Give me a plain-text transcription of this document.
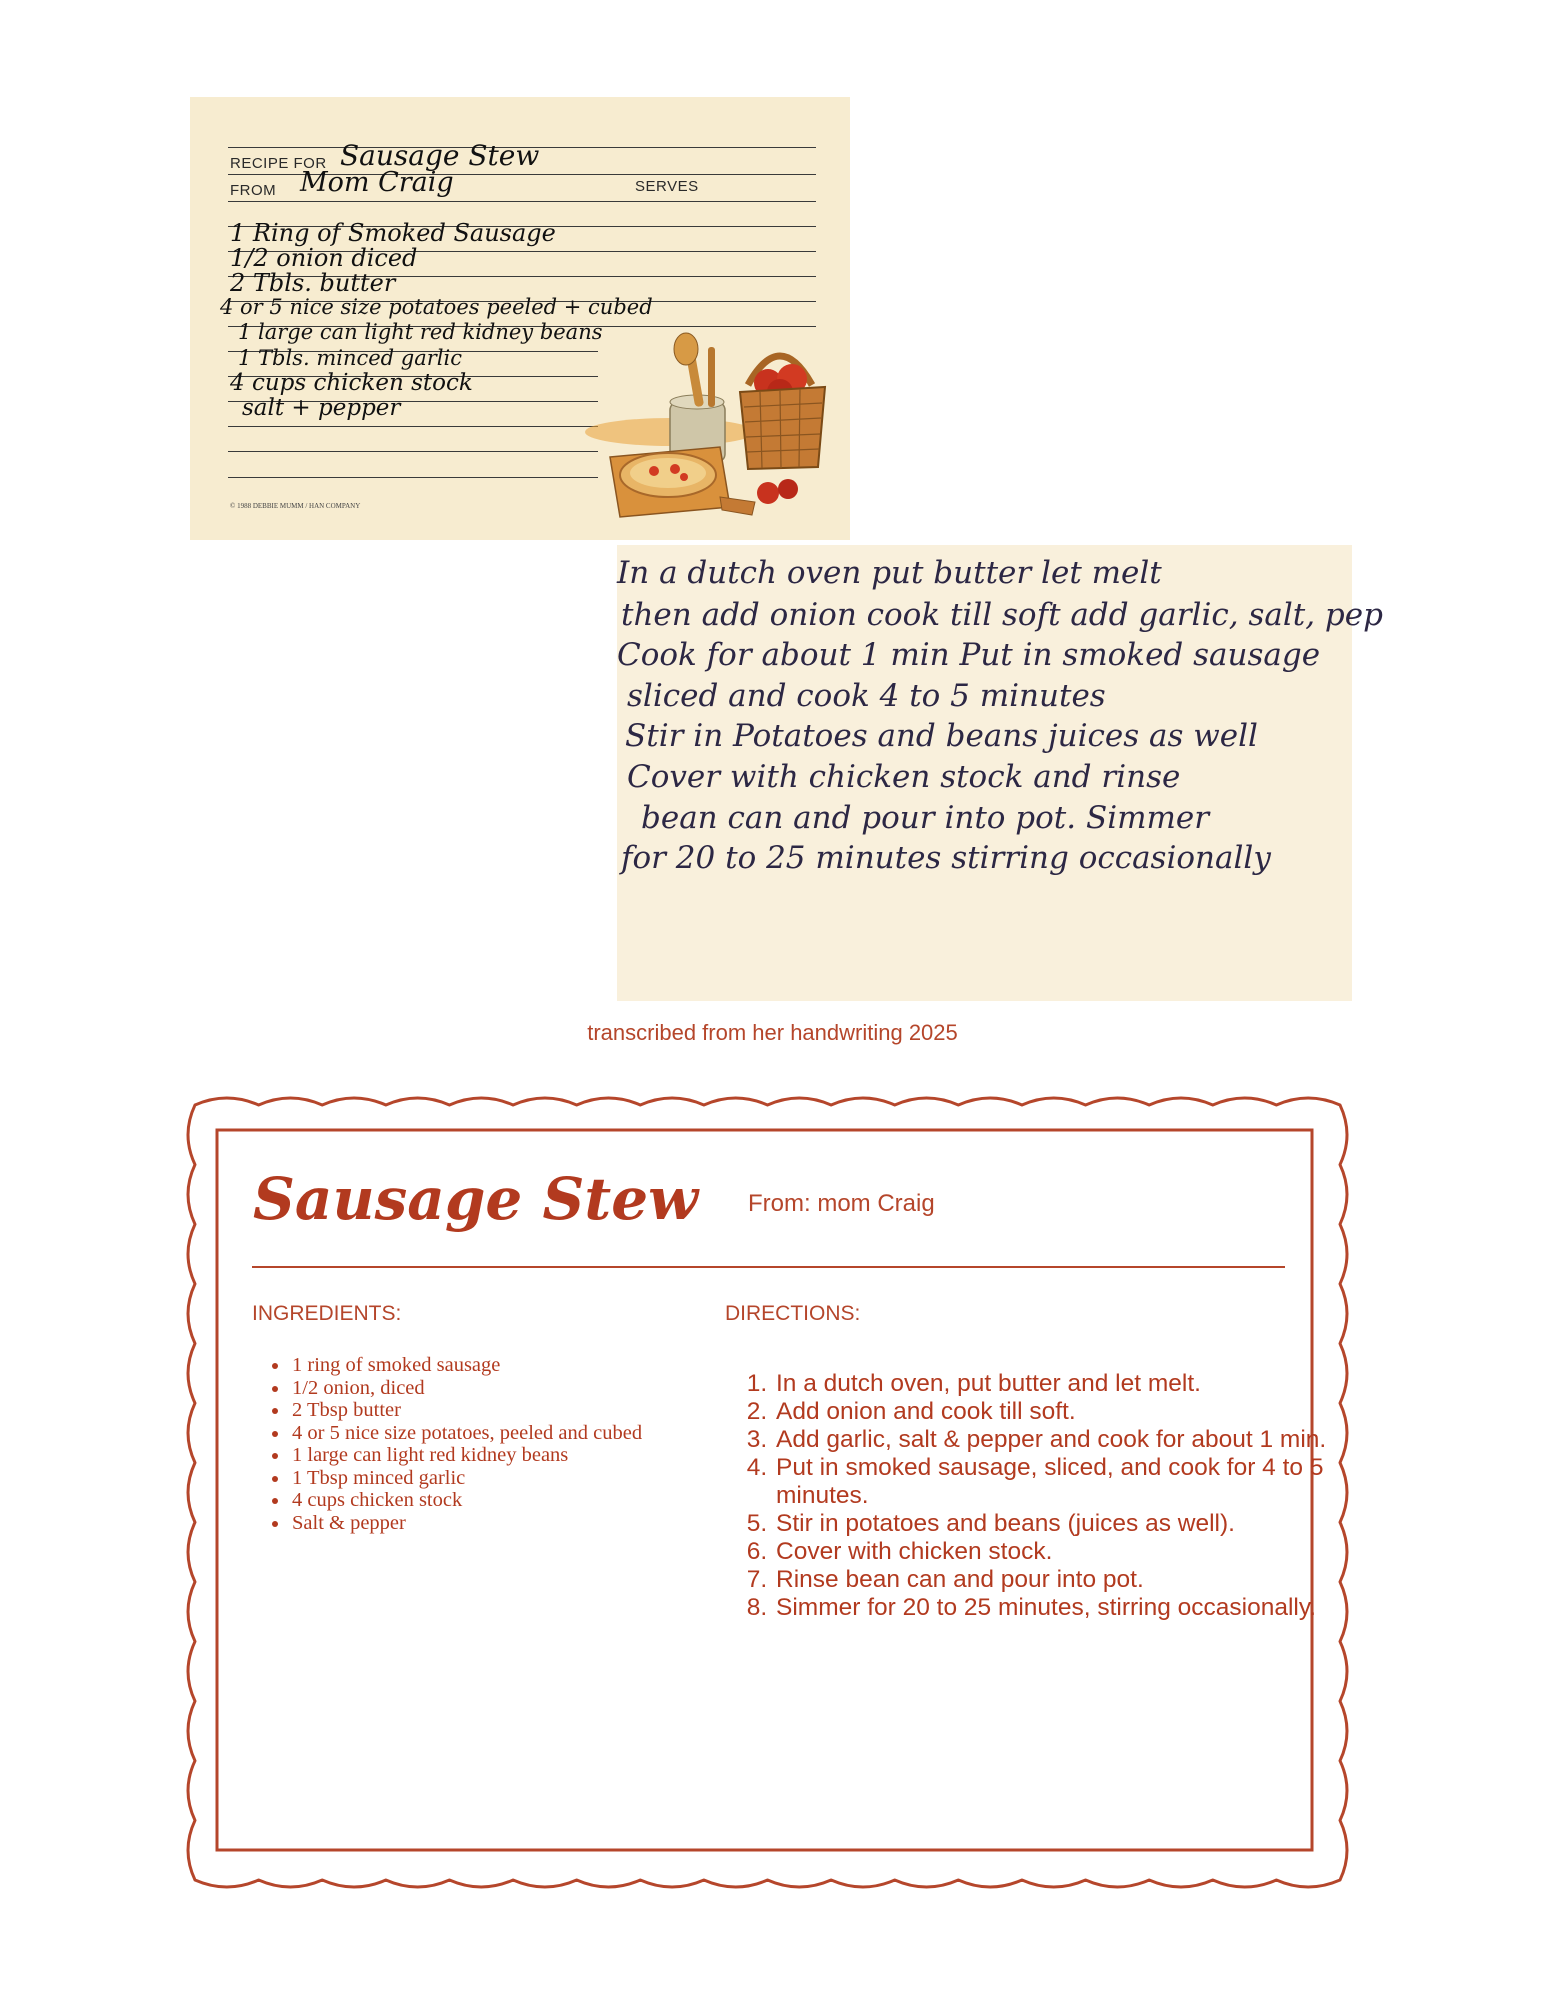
RECIPE FOR Sausage Stew
FROM Mom Craig	SERVES
1 Ring of Smoked Sausage
1/2 onion diced
2 Tbls. butter
4 or 5 nice size potatoes peeled + cubed
1 large can light red kidney beans
1 Tbls. minced garlic
4 cups chicken stock
salt + pepper
© 1988 DEBBIE MUMM / HAN COMPANY
In a dutch oven put butter let melt
then add onion cook till soft add garlic, salt, pep
Cook for about 1 min Put in smoked sausage
sliced and cook 4 to 5 minutes
Stir in Potatoes and beans juices as well
Cover with chicken stock and rinse
bean can and pour into pot. Simmer
for 20 to 25 minutes stirring occasionally
transcribed from her handwriting 2025
Sausage Stew From: mom Craig
INGREDIENTS:	DIRECTIONS:
• 1 ring of smoked sausage
• 1/2 onion, diced
• 2 Tbsp butter
• 4 or 5 nice size potatoes, peeled and cubed
• 1 large can light red kidney beans
• 1 Tbsp minced garlic
• 4 cups chicken stock
• Salt & pepper
1. In a dutch oven, put butter and let melt.
2. Add onion and cook till soft.
3. Add garlic, salt & pepper and cook for about 1 min.
4. Put in smoked sausage, sliced, and cook for 4 to 5 minutes.
5. Stir in potatoes and beans (juices as well).
6. Cover with chicken stock.
7. Rinse bean can and pour into pot.
8. Simmer for 20 to 25 minutes, stirring occasionally.
